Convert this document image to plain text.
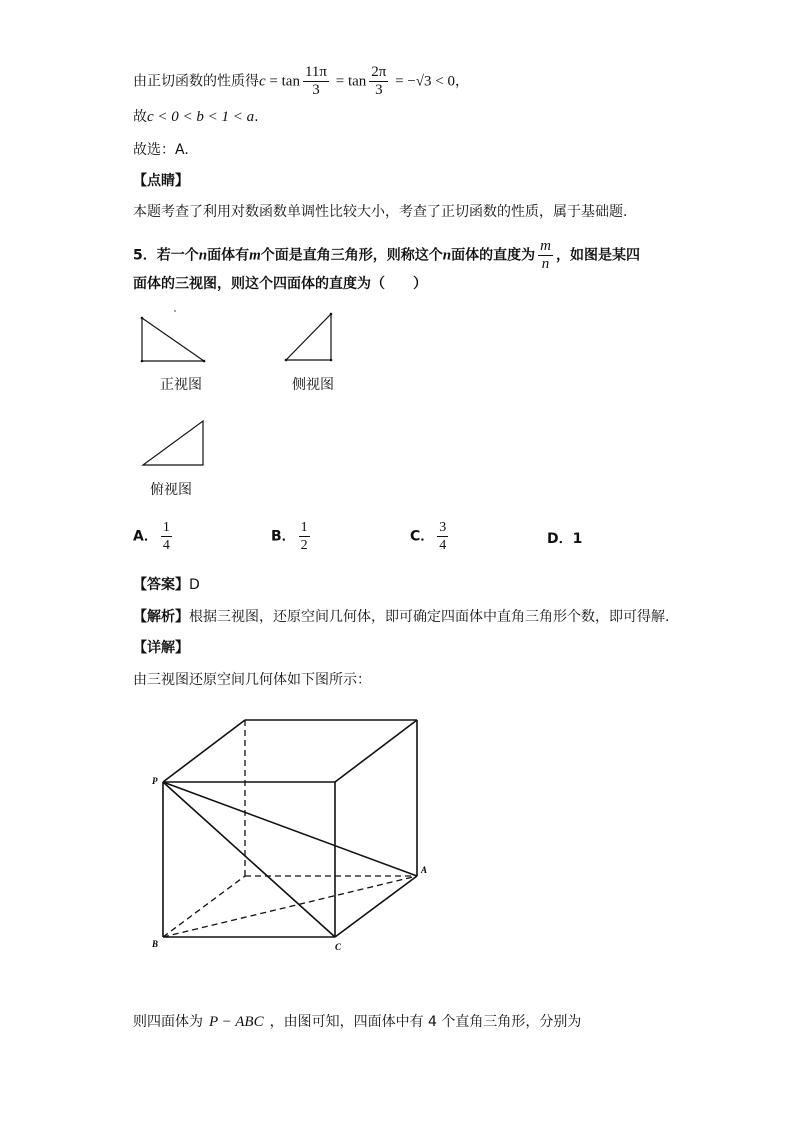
由正切函数的性质得$c = \tan \frac{11\pi}{3} = \tan \frac{2\pi}{3} = -√3 < 0$，
故c < 0 < b < 1 < a.
故选：A.
【点睛】
本题考查了利用对数函数单调性比较大小，考查了正切函数的性质，属于基础题.
5．若一个n面体有m个面是直角三角形，则称这个n面体的直度为 $\frac{m}{n}$ ，如图是某四
面体的三视图，则这个四面体的直度为（　　）
正视图	侧视图
俯视图
A． $\frac{1}{4}$	B． $\frac{1}{2}$	C． $\frac{3}{4}$	D．1
【答案】D
【解析】根据三视图，还原空间几何体，即可确定四面体中直角三角形个数，即可得解.
【详解】
由三视图还原空间几何体如下图所示：
P
A
B	C
则四面体为 P − ABC ，由图可知，四面体中有 4 个直角三角形，分别为
